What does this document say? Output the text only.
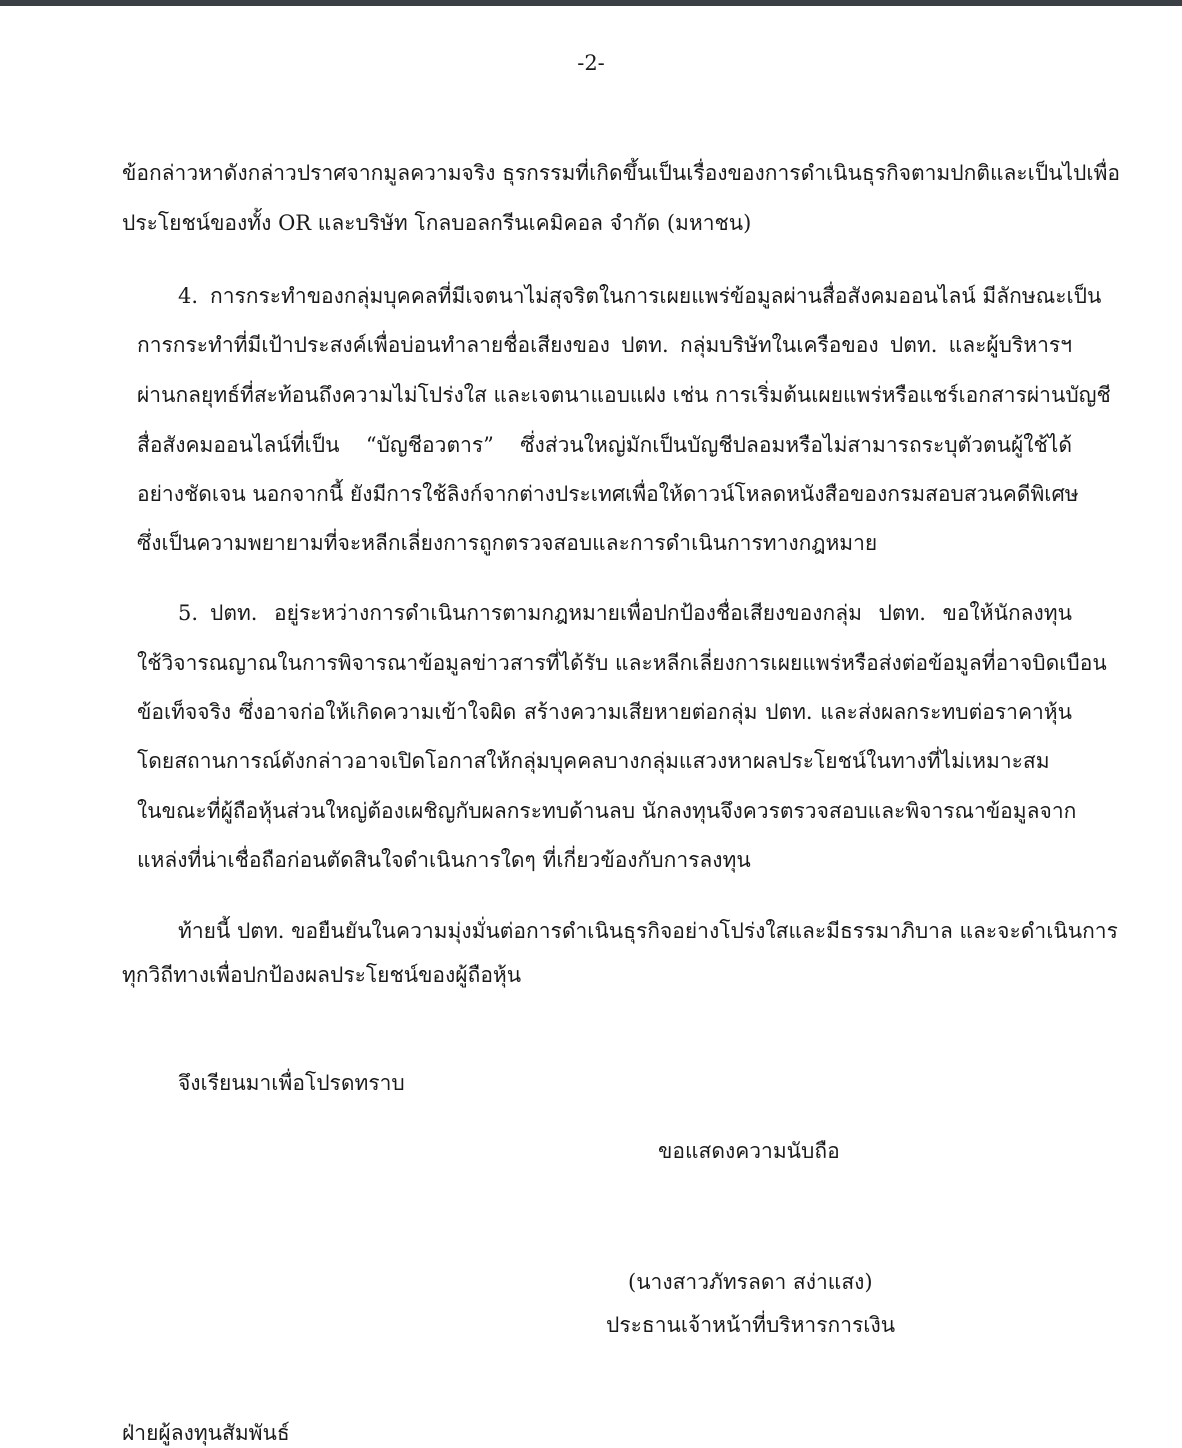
-2-
ข้อกล่าวหาดังกล่าวปราศจากมูลความจริง ธุรกรรมที่เกิดขึ้นเป็นเรื่องของการดำเนินธุรกิจตามปกติและเป็นไปเพื่อ
ประโยชน์ของทั้ง OR และบริษัท โกลบอลกรีนเคมิคอล จำกัด (มหาชน)
4. การกระทำของกลุ่มบุคคลที่มีเจตนาไม่สุจริตในการเผยแพร่ข้อมูลผ่านสื่อสังคมออนไลน์ มีลักษณะเป็น
การกระทำที่มีเป้าประสงค์เพื่อบ่อนทำลายชื่อเสียงของ ปตท. กลุ่มบริษัทในเครือของ ปตท. และผู้บริหารฯ
ผ่านกลยุทธ์ที่สะท้อนถึงความไม่โปร่งใส และเจตนาแอบแฝง เช่น การเริ่มต้นเผยแพร่หรือแชร์เอกสารผ่านบัญชี
สื่อสังคมออนไลน์ที่เป็น “บัญชีอวตาร” ซึ่งส่วนใหญ่มักเป็นบัญชีปลอมหรือไม่สามารถระบุตัวตนผู้ใช้ได้
อย่างชัดเจน นอกจากนี้ ยังมีการใช้ลิงก์จากต่างประเทศเพื่อให้ดาวน์โหลดหนังสือของกรมสอบสวนคดีพิเศษ
ซึ่งเป็นความพยายามที่จะหลีกเลี่ยงการถูกตรวจสอบและการดำเนินการทางกฎหมาย
5. ปตท. อยู่ระหว่างการดำเนินการตามกฎหมายเพื่อปกป้องชื่อเสียงของกลุ่ม ปตท. ขอให้นักลงทุน
ใช้วิจารณญาณในการพิจารณาข้อมูลข่าวสารที่ได้รับ และหลีกเลี่ยงการเผยแพร่หรือส่งต่อข้อมูลที่อาจบิดเบือน
ข้อเท็จจริง ซึ่งอาจก่อให้เกิดความเข้าใจผิด สร้างความเสียหายต่อกลุ่ม ปตท. และส่งผลกระทบต่อราคาหุ้น
โดยสถานการณ์ดังกล่าวอาจเปิดโอกาสให้กลุ่มบุคคลบางกลุ่มแสวงหาผลประโยชน์ในทางที่ไม่เหมาะสม
ในขณะที่ผู้ถือหุ้นส่วนใหญ่ต้องเผชิญกับผลกระทบด้านลบ นักลงทุนจึงควรตรวจสอบและพิจารณาข้อมูลจาก
แหล่งที่น่าเชื่อถือก่อนตัดสินใจดำเนินการใดๆ ที่เกี่ยวข้องกับการลงทุน
ท้ายนี้ ปตท. ขอยืนยันในความมุ่งมั่นต่อการดำเนินธุรกิจอย่างโปร่งใสและมีธรรมาภิบาล และจะดำเนินการ
ทุกวิถีทางเพื่อปกป้องผลประโยชน์ของผู้ถือหุ้น
จึงเรียนมาเพื่อโปรดทราบ
ขอแสดงความนับถือ
(นางสาวภัทรลดา สง่าแสง)
ประธานเจ้าหน้าที่บริหารการเงิน
ฝ่ายผู้ลงทุนสัมพันธ์
